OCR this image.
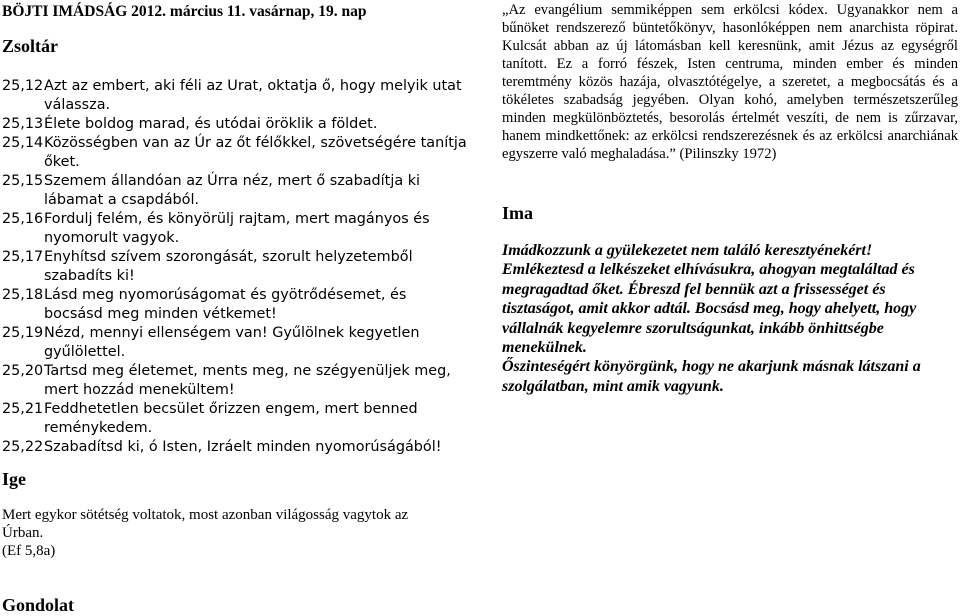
BÖJTI IMÁDSÁG 2012. március 11. vasárnap, 19. nap
Zsoltár
25,12 Azt az embert, aki féli az Urat, oktatja ő, hogy melyik utat válassza.
25,13 Élete boldog marad, és utódai öröklik a földet.
25,14 Közösségben van az Úr az őt félőkkel, szövetségére tanítja őket.
25,15 Szemem állandóan az Úrra néz, mert ő szabadítja ki lábamat a csapdából.
25,16 Fordulj felém, és könyörülj rajtam, mert magányos és nyomorult vagyok.
25,17 Enyhítsd szívem szorongását, szorult helyzetemből szabadíts ki!
25,18 Lásd meg nyomorúságomat és gyötrődésemet, és bocsásd meg minden vétkemet!
25,19 Nézd, mennyi ellenségem van! Gyűlölnek kegyetlen gyűlölettel.
25,20 Tartsd meg életemet, ments meg, ne szégyenüljek meg, mert hozzád menekültem!
25,21 Feddhetetlen becsület őrizzen engem, mert benned reménykedem.
25,22 Szabadítsd ki, ó Isten, Izráelt minden nyomorúságából!
Ige
Mert egykor sötétség voltatok, most azonban világosság vagytok az Úrban.
(Ef 5,8a)
Gondolat
„Az evangélium semmiképpen sem erkölcsi kódex. Ugyanakkor nem a bűnöket rendszerező büntetőkönyv, hasonlóképpen nem anarchista röpirat. Kulcsát abban az új látomásban kell keresnünk, amit Jézus az egységről tanított. Ez a forró fészek, Isten centruma, minden ember és minden teremtmény közös hazája, olvasztótégelye, a szeretet, a megbocsátás és a tökéletes szabadság jegyében. Olyan kohó, amelyben természetszerűleg minden megkülönböztetés, besorolás értelmét veszíti, de nem is zűrzavar, hanem mindkettőnek: az erkölcsi rendszerezésnek és az erkölcsi anarchiának egyszerre való meghaladása.” (Pilinszky 1972)
Ima

Imádkozzunk a gyülekezetet nem találó keresztyénekért!

Emlékeztesd a lelkészeket elhívásukra, ahogyan megtaláltad és megragadtad őket. Ébreszd fel bennük azt a frissességet és tisztaságot, amit akkor adtál. Bocsásd meg, hogy ahelyett, hogy vállalnák kegyelemre szorultságunkat, inkább önhittségbe menekülnek.

Őszinteségért könyörgünk, hogy ne akarjunk másnak látszani a szolgálatban, mint amik vagyunk.
